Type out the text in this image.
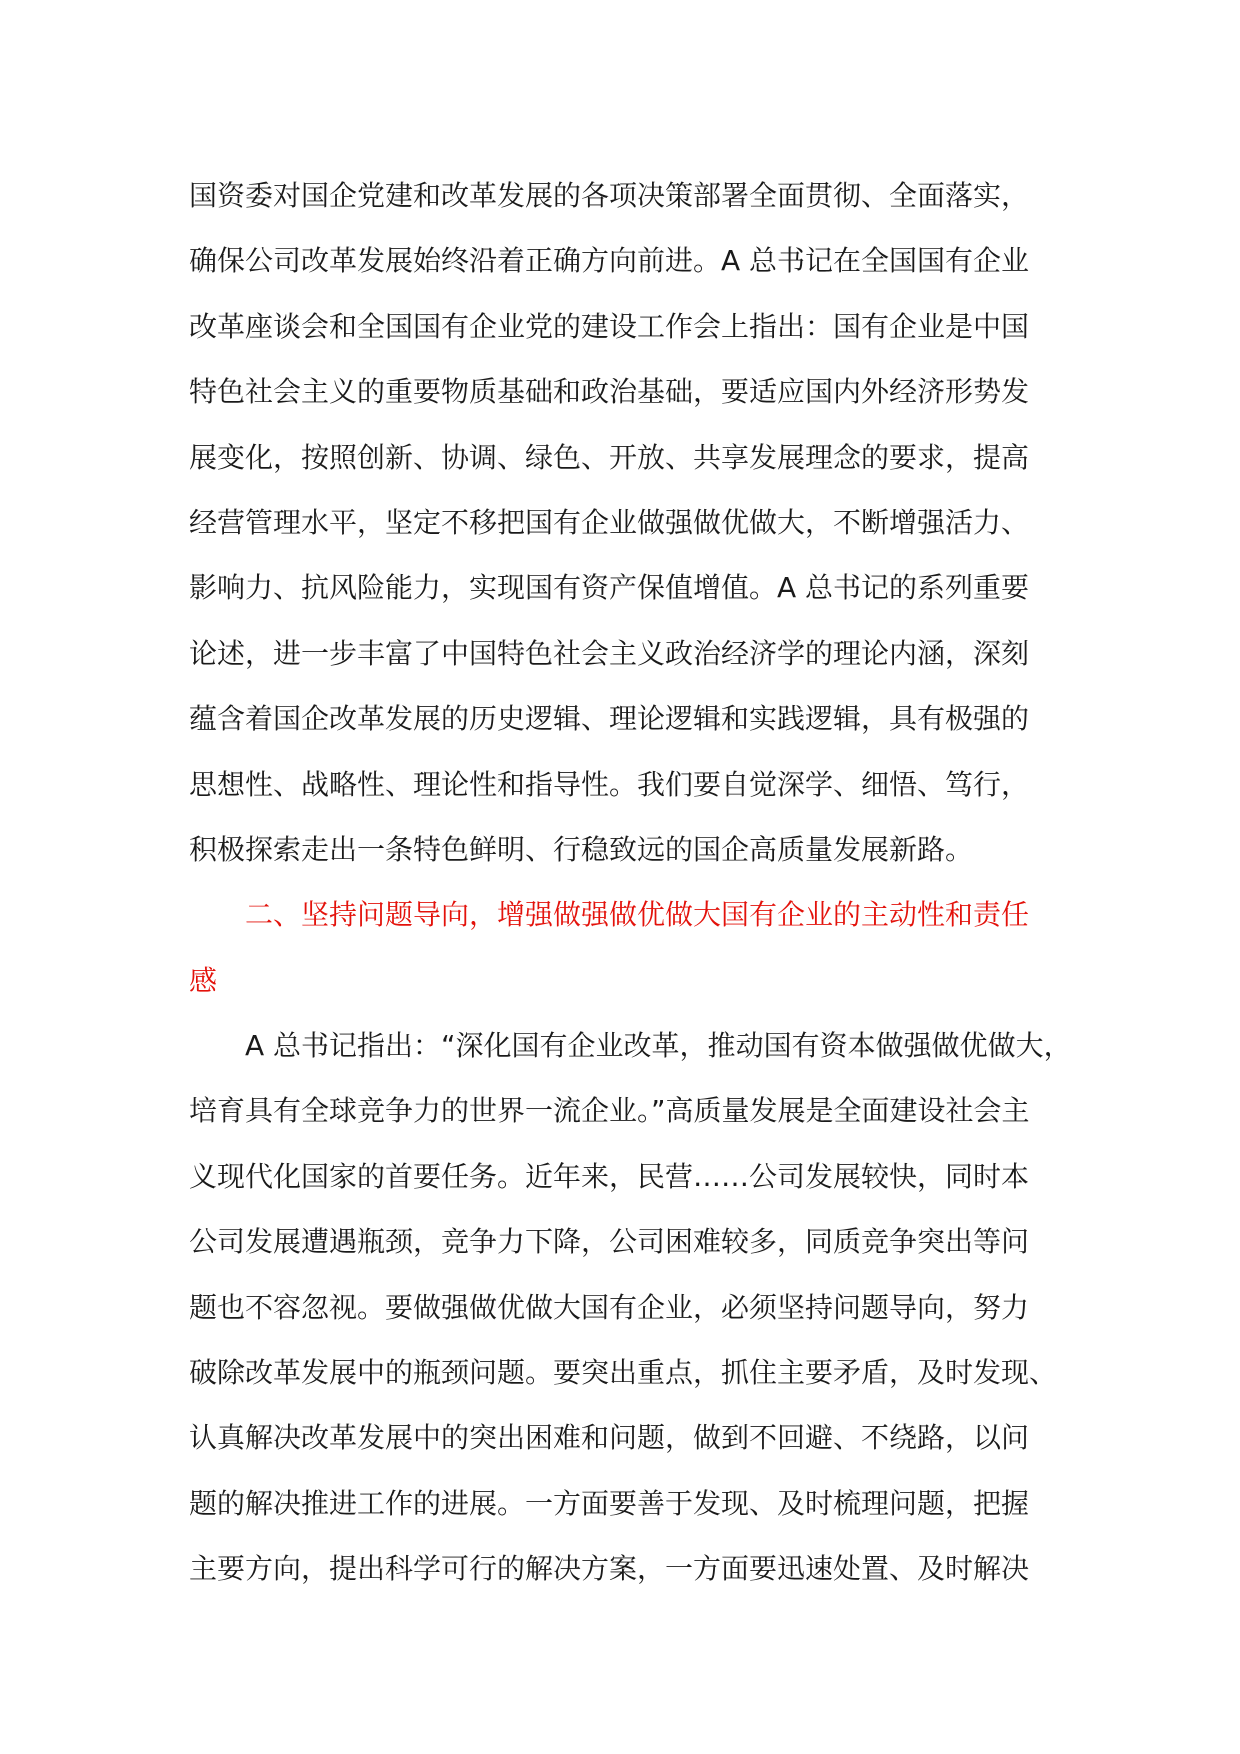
国资委对国企党建和改革发展的各项决策部署全面贯彻、全面落实，
确保公司改革发展始终沿着正确方向前进。A 总书记在全国国有企业
改革座谈会和全国国有企业党的建设工作会上指出：国有企业是中国
特色社会主义的重要物质基础和政治基础，要适应国内外经济形势发
展变化，按照创新、协调、绿色、开放、共享发展理念的要求，提高
经营管理水平，坚定不移把国有企业做强做优做大，不断增强活力、
影响力、抗风险能力，实现国有资产保值增值。A 总书记的系列重要
论述，进一步丰富了中国特色社会主义政治经济学的理论内涵，深刻
蕴含着国企改革发展的历史逻辑、理论逻辑和实践逻辑，具有极强的
思想性、战略性、理论性和指导性。我们要自觉深学、细悟、笃行，
积极探索走出一条特色鲜明、行稳致远的国企高质量发展新路。
二、坚持问题导向，增强做强做优做大国有企业的主动性和责任
感
A 总书记指出：“深化国有企业改革，推动国有资本做强做优做大，
培育具有全球竞争力的世界一流企业。”高质量发展是全面建设社会主
义现代化国家的首要任务。近年来，民营……公司发展较快，同时本
公司发展遭遇瓶颈，竞争力下降，公司困难较多，同质竞争突出等问
题也不容忽视。要做强做优做大国有企业，必须坚持问题导向，努力
破除改革发展中的瓶颈问题。要突出重点，抓住主要矛盾，及时发现、
认真解决改革发展中的突出困难和问题，做到不回避、不绕路，以问
题的解决推进工作的进展。一方面要善于发现、及时梳理问题，把握
主要方向，提出科学可行的解决方案，一方面要迅速处置、及时解决
